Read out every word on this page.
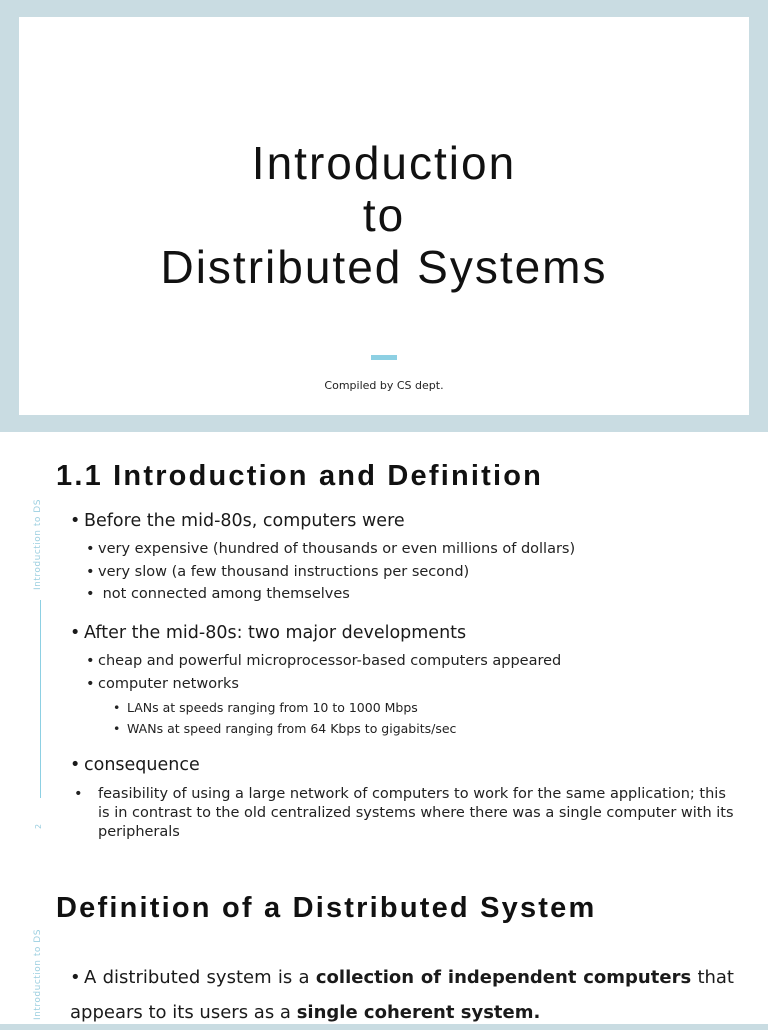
Introduction
to
Distributed Systems
Compiled by CS dept.
Introduction to DS
2
1.1 Introduction and Definition
• Before the mid-80s, computers were
• very expensive (hundred of thousands or even millions of dollars)
• very slow (a few thousand instructions per second)
• not connected among themselves
• After the mid-80s: two major developments
• cheap and powerful microprocessor-based computers appeared
• computer networks
• LANs at speeds ranging from 10 to 1000 Mbps
• WANs at speed ranging from 64 Kbps to gigabits/sec
• consequence
• feasibility of using a large network of computers to work for the same application; this is in contrast to the old centralized systems where there was a single computer with its peripherals
Introduction to DS
Definition of a Distributed System
• A distributed system is a collection of independent computers that appears to its users as a single coherent system.
